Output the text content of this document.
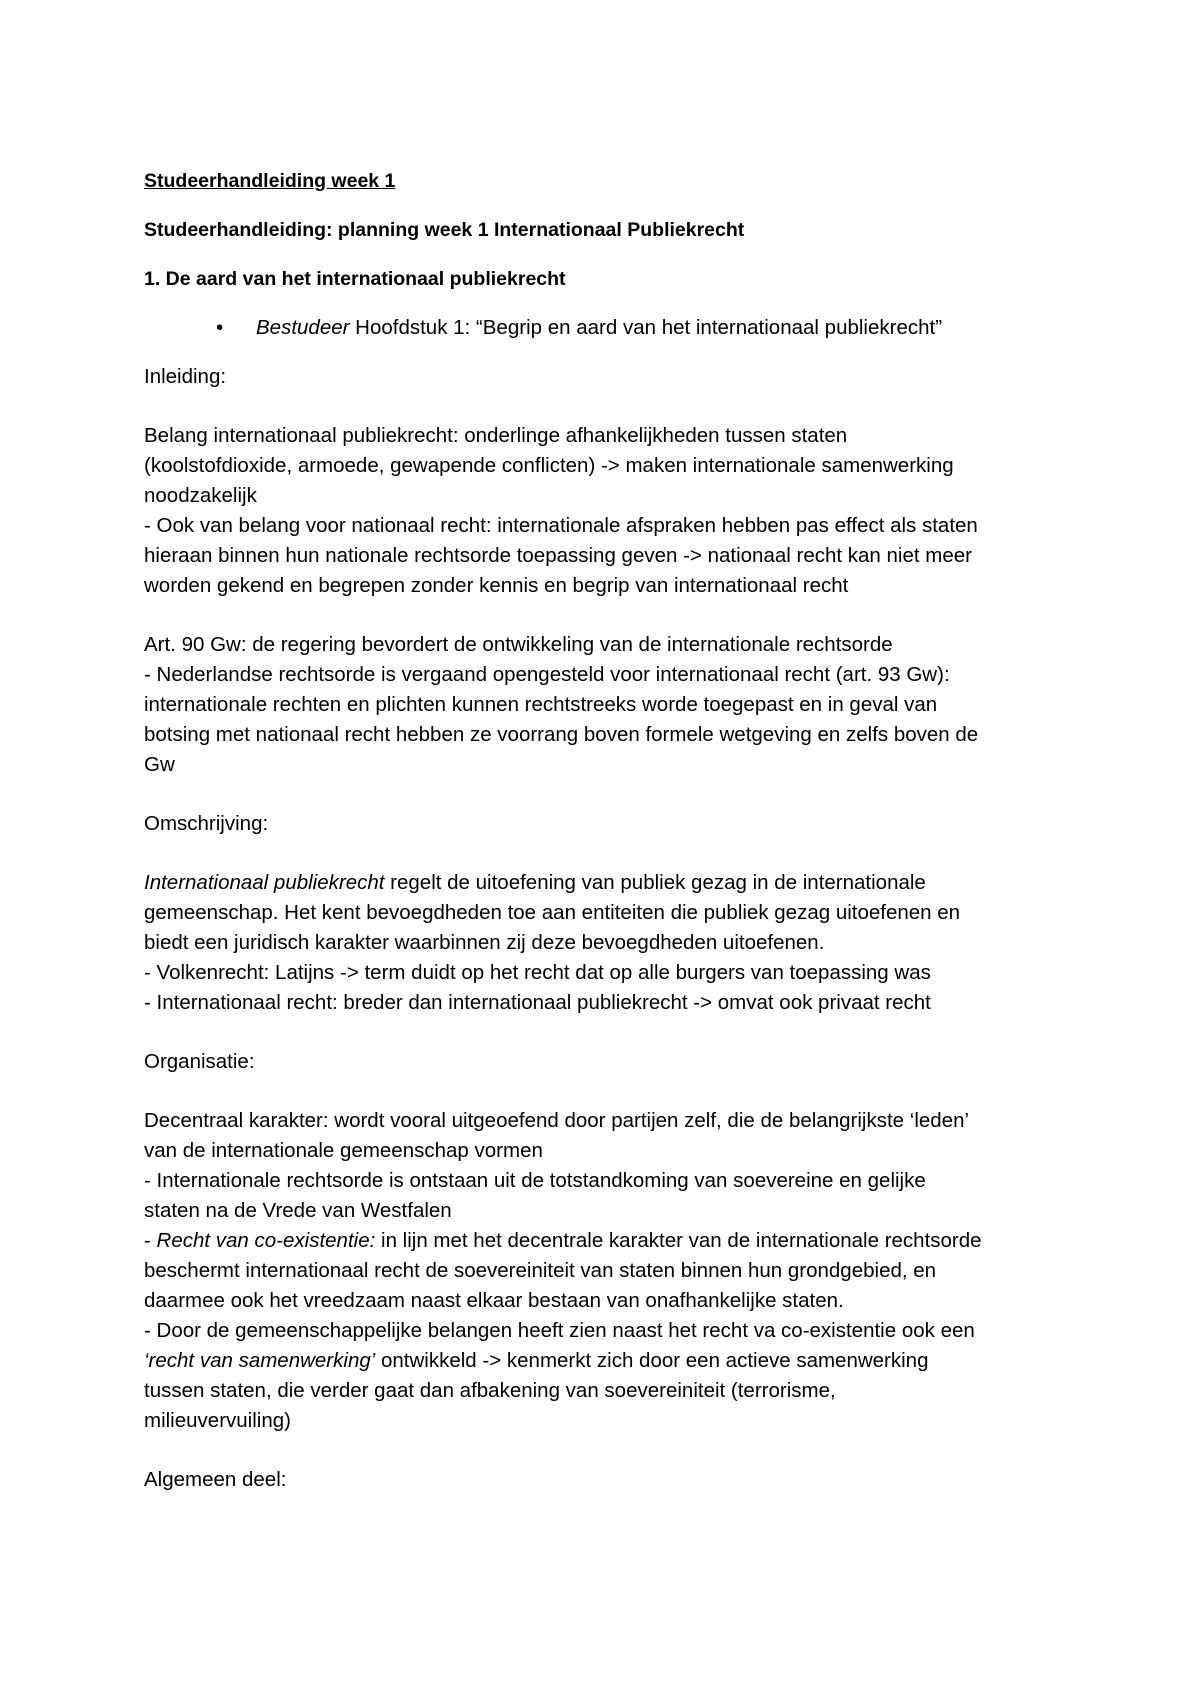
Studeerhandleiding week 1
Studeerhandleiding: planning week 1 Internationaal Publiekrecht
1. De aard van het internationaal publiekrecht
• Bestudeer Hoofdstuk 1: “Begrip en aard van het internationaal publiekrecht”
Inleiding:
Belang internationaal publiekrecht: onderlinge afhankelijkheden tussen staten
(koolstofdioxide, armoede, gewapende conflicten) -> maken internationale samenwerking
noodzakelijk
- Ook van belang voor nationaal recht: internationale afspraken hebben pas effect als staten
hieraan binnen hun nationale rechtsorde toepassing geven -> nationaal recht kan niet meer
worden gekend en begrepen zonder kennis en begrip van internationaal recht
Art. 90 Gw: de regering bevordert de ontwikkeling van de internationale rechtsorde
- Nederlandse rechtsorde is vergaand opengesteld voor internationaal recht (art. 93 Gw):
internationale rechten en plichten kunnen rechtstreeks worde toegepast en in geval van
botsing met nationaal recht hebben ze voorrang boven formele wetgeving en zelfs boven de
Gw
Omschrijving:
Internationaal publiekrecht regelt de uitoefening van publiek gezag in de internationale
gemeenschap. Het kent bevoegdheden toe aan entiteiten die publiek gezag uitoefenen en
biedt een juridisch karakter waarbinnen zij deze bevoegdheden uitoefenen.
- Volkenrecht: Latijns -> term duidt op het recht dat op alle burgers van toepassing was
- Internationaal recht: breder dan internationaal publiekrecht -> omvat ook privaat recht
Organisatie:
Decentraal karakter: wordt vooral uitgeoefend door partijen zelf, die de belangrijkste ‘leden’
van de internationale gemeenschap vormen
- Internationale rechtsorde is ontstaan uit de totstandkoming van soevereine en gelijke
staten na de Vrede van Westfalen
- Recht van co-existentie: in lijn met het decentrale karakter van de internationale rechtsorde
beschermt internationaal recht de soevereiniteit van staten binnen hun grondgebied, en
daarmee ook het vreedzaam naast elkaar bestaan van onafhankelijke staten.
- Door de gemeenschappelijke belangen heeft zien naast het recht va co-existentie ook een
‘recht van samenwerking’ ontwikkeld -> kenmerkt zich door een actieve samenwerking
tussen staten, die verder gaat dan afbakening van soevereiniteit (terrorisme,
milieuvervuiling)
Algemeen deel:
